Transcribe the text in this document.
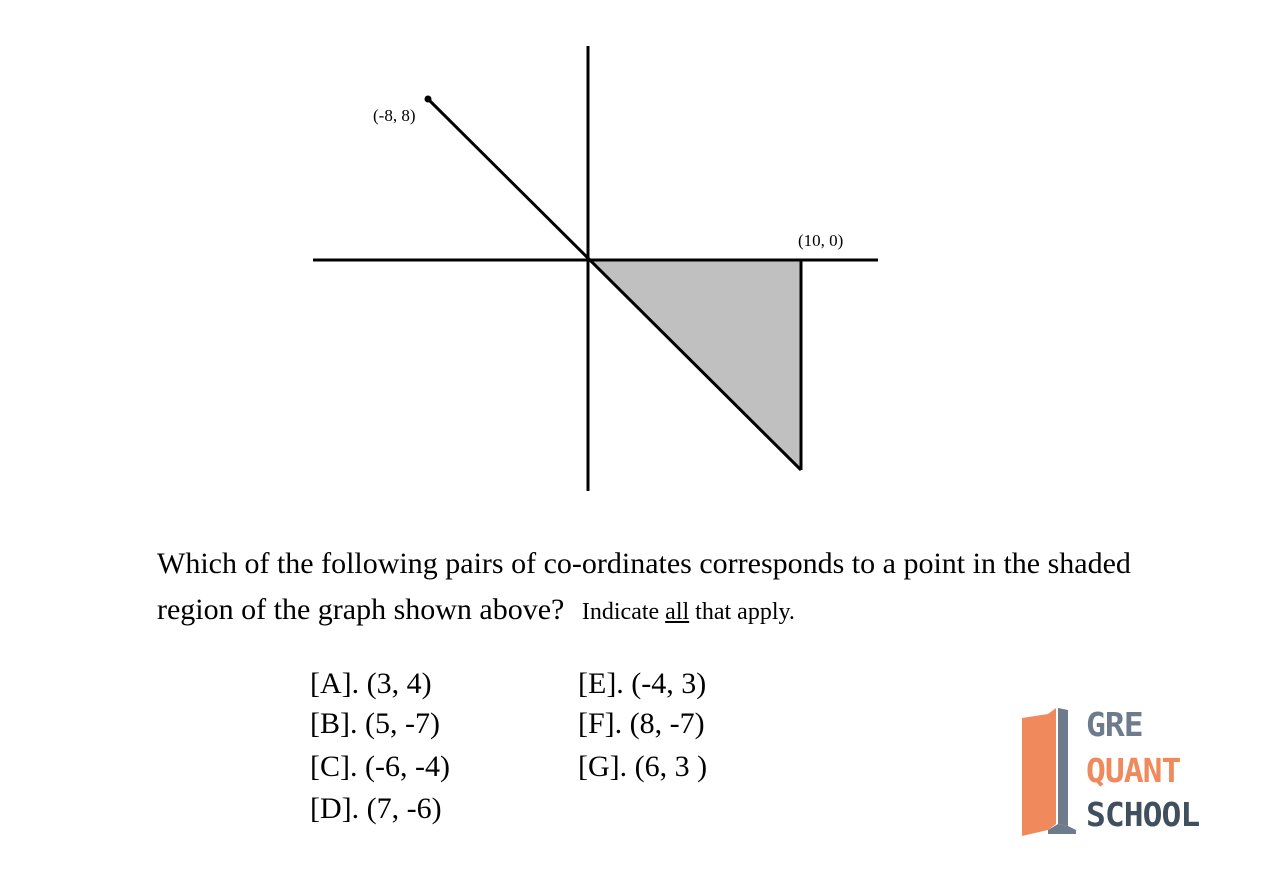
(-8, 8)
(10, 0)
Which of the following pairs of co-ordinates corresponds to a point in the shaded region of the graph shown above? Indicate all that apply.
[A]. (3, 4)
[B]. (5, -7)
[C]. (-6, -4)
[D]. (7, -6)
[E]. (-4, 3)
[F]. (8, -7)
[G]. (6, 3 )
GRE
QUANT
SCHOOL
